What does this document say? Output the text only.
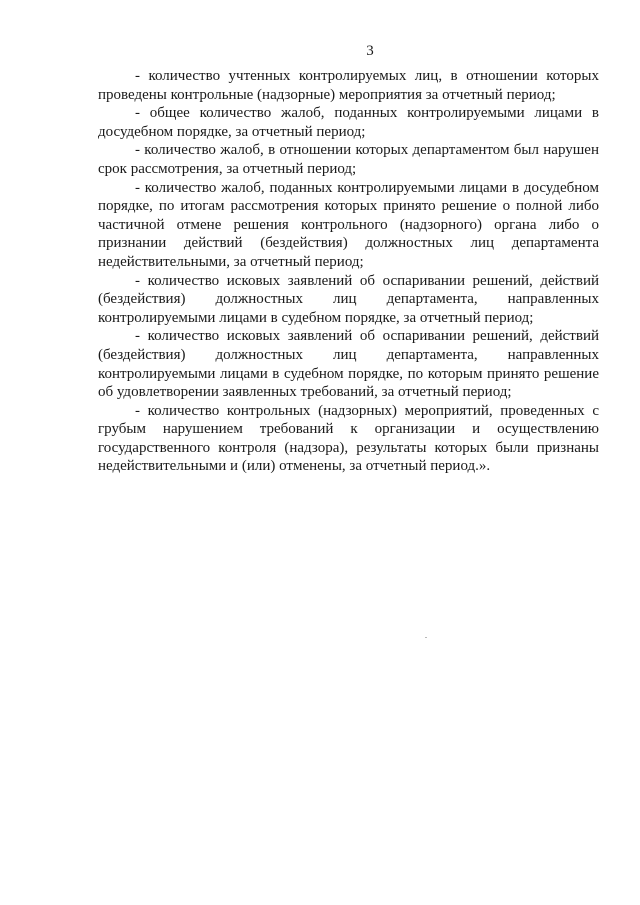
3

- количество учтенных контролируемых лиц, в отношении которых проведены контрольные (надзорные) мероприятия за отчетный период;

- общее количество жалоб, поданных контролируемыми лицами в досудебном порядке, за отчетный период;

- количество жалоб, в отношении которых департаментом был нарушен срок рассмотрения, за отчетный период;

- количество жалоб, поданных контролируемыми лицами в досудебном порядке, по итогам рассмотрения которых принято решение о полной либо частичной отмене решения контрольного (надзорного) органа либо о признании действий (бездействия) должностных лиц департамента недействительными, за отчетный период;

- количество исковых заявлений об оспаривании решений, действий (бездействия) должностных лиц департамента, направленных контролируемыми лицами в судебном порядке, за отчетный период;

- количество исковых заявлений об оспаривании решений, действий (бездействия) должностных лиц департамента, направленных контролируемыми лицами в судебном порядке, по которым принято решение об удовлетворении заявленных требований, за отчетный период;

- количество контрольных (надзорных) мероприятий, проведенных с грубым нарушением требований к организации и осуществлению государственного контроля (надзора), результаты которых были признаны недействительными и (или) отменены, за отчетный период.».
